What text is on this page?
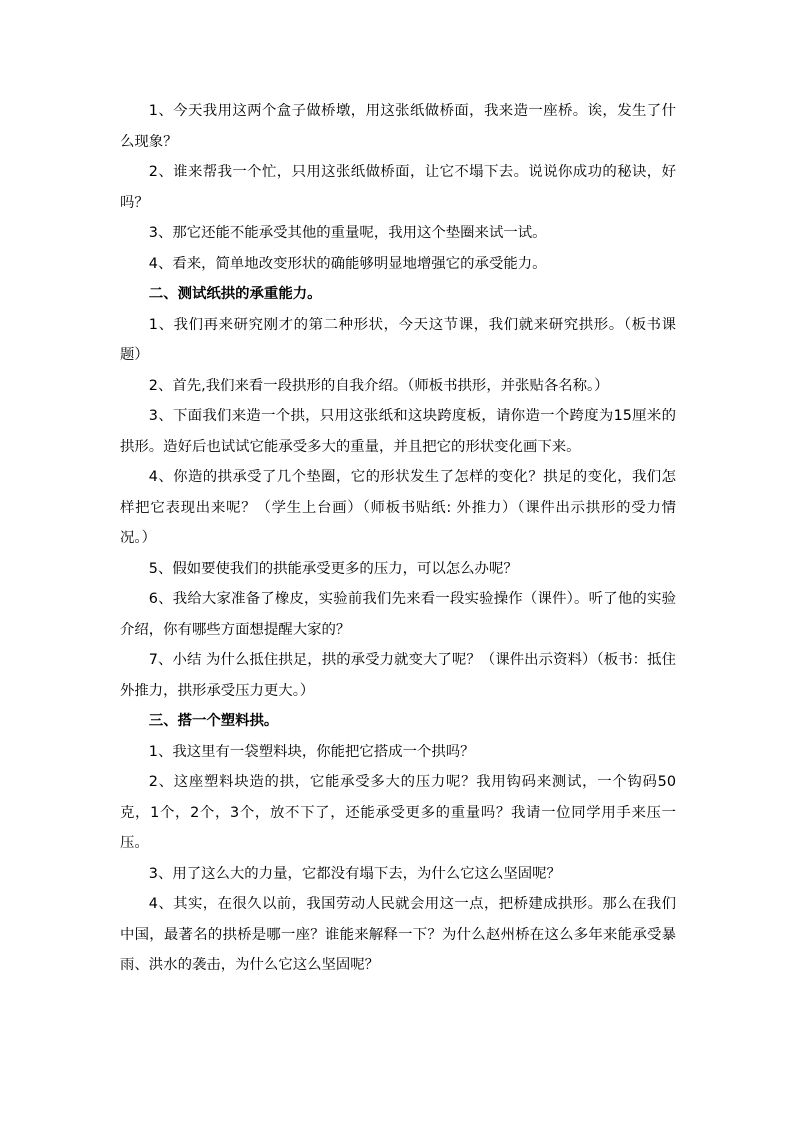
1、今天我用这两个盒子做桥墩，用这张纸做桥面，我来造一座桥。诶，发生了什么现象？

2、谁来帮我一个忙，只用这张纸做桥面，让它不塌下去。说说你成功的秘诀，好吗？

3、那它还能不能承受其他的重量呢，我用这个垫圈来试一试。

4、看来，简单地改变形状的确能够明显地增强它的承受能力。

二、测试纸拱的承重能力。

1、我们再来研究刚才的第二种形状，今天这节课，我们就来研究拱形。（板书课题）

2、首先,我们来看一段拱形的自我介绍。（师板书拱形，并张贴各名称。）

3、下面我们来造一个拱，只用这张纸和这块跨度板，请你造一个跨度为15厘米的拱形。造好后也试试它能承受多大的重量，并且把它的形状变化画下来。

4、你造的拱承受了几个垫圈，它的形状发生了怎样的变化？拱足的变化，我们怎样把它表现出来呢？（学生上台画）（师板书贴纸: 外推力）（课件出示拱形的受力情况。）

5、假如要使我们的拱能承受更多的压力，可以怎么办呢？

6、我给大家准备了橡皮，实验前我们先来看一段实验操作（课件）。听了他的实验介绍，你有哪些方面想提醒大家的？

7、小结 为什么抵住拱足，拱的承受力就变大了呢？（课件出示资料）（板书：抵住外推力，拱形承受压力更大。）

三、搭一个塑料拱。

1、我这里有一袋塑料块，你能把它搭成一个拱吗？

2、这座塑料块造的拱，它能承受多大的压力呢？我用钩码来测试，一个钩码50克，1个，2个，3个，放不下了，还能承受更多的重量吗？我请一位同学用手来压一压。

3、用了这么大的力量，它都没有塌下去，为什么它这么坚固呢？

4、其实，在很久以前，我国劳动人民就会用这一点，把桥建成拱形。那么在我们中国，最著名的拱桥是哪一座？谁能来解释一下？为什么赵州桥在这么多年来能承受暴雨、洪水的袭击，为什么它这么坚固呢？
